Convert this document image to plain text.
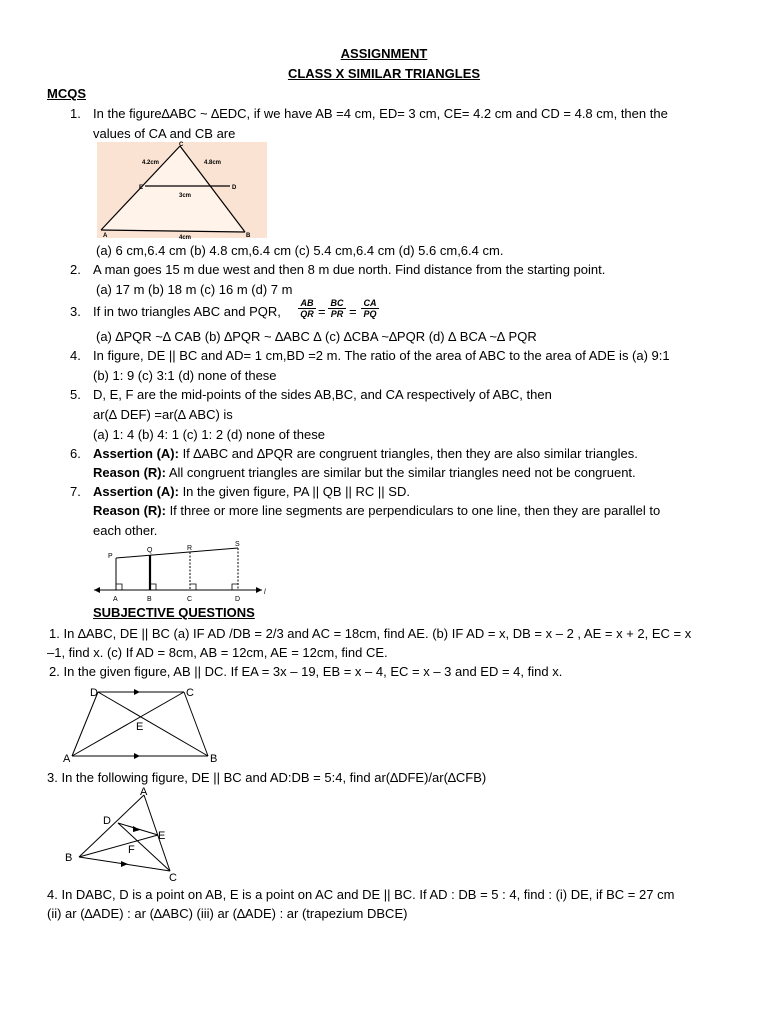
ASSIGNMENT
CLASS X SIMILAR TRIANGLES
MCQS
1. In the figure∆ABC ~ ∆EDC, if we have AB =4 cm, ED= 3 cm, CE= 4.2 cm and CD = 4.8 cm, then the
values of CA and CB are
C
E	D
A	B
4.2cm	4.8cm
3cm
4cm
(a) 6 cm,6.4 cm (b) 4.8 cm,6.4 cm (c) 5.4 cm,6.4 cm (d) 5.6 cm,6.4 cm.
2. A man goes 15 m due west and then 8 m due north. Find distance from the starting point.
(a) 17 m (b) 18 m (c) 16 m (d) 7 m
3. If in two triangles ABC and PQR, $\frac{AB}{QR} = \frac{BC}{PR} = \frac{CA}{PQ}$
(a) ∆PQR ~∆ CAB (b) ∆PQR ~ ∆ABC ∆ (c) ∆CBA ~∆PQR (d) ∆ BCA ~∆ PQR
4. In figure, DE || BC and AD= 1 cm,BD =2 m. The ratio of the area of ABC to the area of ADE is (a) 9:1
(b) 1: 9 (c) 3:1 (d) none of these
5. D, E, F are the mid-points of the sides AB,BC, and CA respectively of ABC, then
ar(∆ DEF) =ar(∆ ABC) is
(a) 1: 4 (b) 4: 1 (c) 1: 2 (d) none of these
6. Assertion (A): If ∆ABC and ∆PQR are congruent triangles, then they are also similar triangles.
Reason (R): All congruent triangles are similar but the similar triangles need not be congruent.
7. Assertion (A): In the given figure, PA || QB || RC || SD.
Reason (R): If three or more line segments are perpendiculars to one line, then they are parallel to
each other.
P
Q	R
S
A	B	C	D
l
SUBJECTIVE QUESTIONS
1. In ∆ABC, DE || BC (a) IF AD /DB = 2/3 and AC = 18cm, find AE. (b) IF AD = x, DB = x – 2 , AE = x + 2, EC = x
–1, find x. (c) If AD = 8cm, AB = 12cm, AE = 12cm, find CE.
2. In the given figure, AB || DC. If EA = 3x – 19, EB = x – 4, EC = x – 3 and ED = 4, find x.
D	C
E
A	B
3. In the following figure, DE || BC and AD:DB = 5:4, find ar(∆DFE)/ar(∆CFB)
A
D
E
F
B
C
4. In DABC, D is a point on AB, E is a point on AC and DE || BC. If AD : DB = 5 : 4, find : (i) DE, if BC = 27 cm
(ii) ar (∆ADE) : ar (∆ABC) (iii) ar (∆ADE) : ar (trapezium DBCE)
